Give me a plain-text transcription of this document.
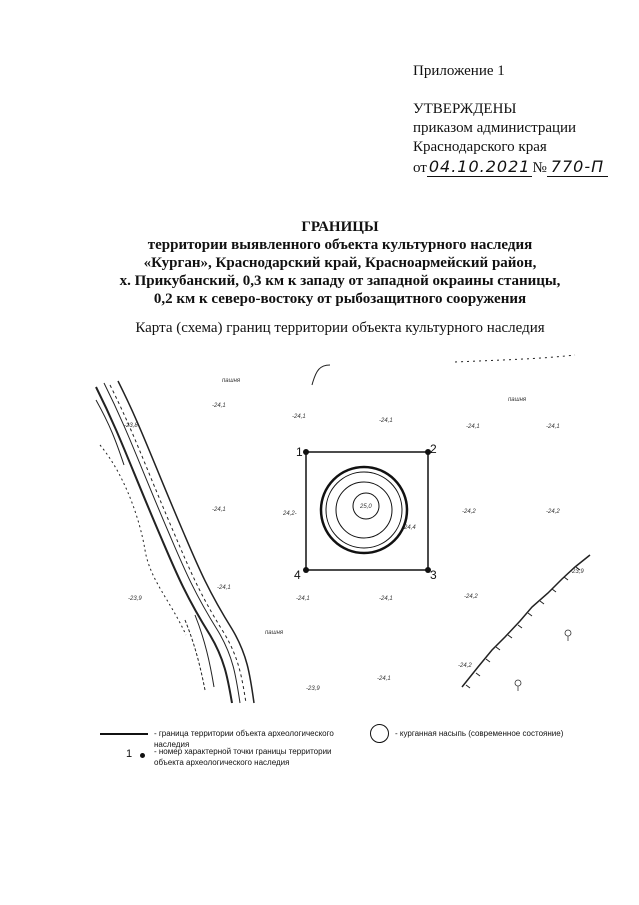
Приложение 1
УТВЕРЖДЕНЫ
приказом администрации
Краснодарского края
от 04.10.2021 № 770-П
ГРАНИЦЫ
территории выявленного объекта культурного наследия
«Курган», Краснодарский край, Красноармейский район,
х. Прикубанский, 0,3 км к западу от западной окраины станицы,
0,2 км к северо-востоку от рыбозащитного сооружения
Карта (схема) границ территории объекта культурного наследия
1	2
3
4
пашня
пашня
пашня
-23,8
-24,1
-24,1
-24,1
-24,1	-24,1
-24,1
24,2-
25,0
24,4
-24,2	-24,2
-24,1
-23,9	-24,1	-24,1	-24,2
-23,9
-24,2
-24,1
-23,9
- граница территории объекта археологического
наследия
- курганная насыпь (современное состояние)
1	- номер характерной точки границы территории
объекта археологического наследия
